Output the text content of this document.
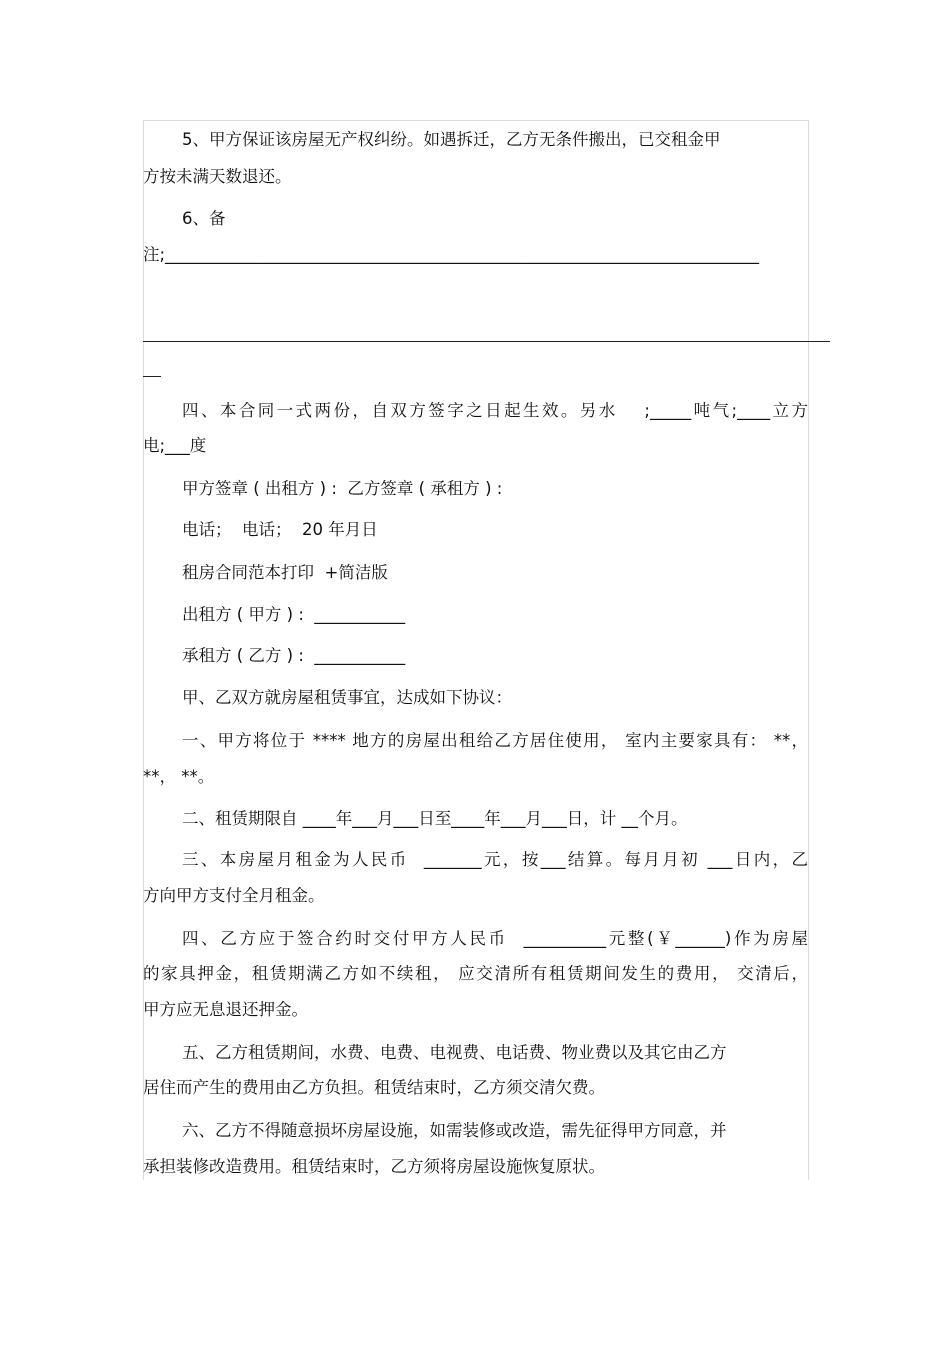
5、甲方保证该房屋无产权纠纷。如遇拆迁，乙方无条件搬出，已交租金甲
方按未满天数退还。
6、备
注;________________________________________________________________________
四、本合同一式两份，自双方签字之日起生效。另水 　;_____吨气;____立方
电;___度
甲方签章 ( 出租方 ) :  乙方签章 ( 承租方 ) :
电话；  电话；  20 年月日
租房合同范本打印  +简洁版
出租方 ( 甲方 ) :  ___________
承租方 ( 乙方 ) :  ___________
甲、乙双方就房屋租赁事宜，达成如下协议：
一、甲方将位于 **** 地方的房屋出租给乙方居住使用， 室内主要家具有： **，
**， **。
二、租赁期限自 ____年___月___日至____年___月___日，计 __个月。
三、本房屋月租金为人民币  _______元，按___结算。每月月初 ___日内，乙
方向甲方支付全月租金。
四、乙方应于签合约时交付甲方人民币  __________元整(￥______)作为房屋
的家具押金，租赁期满乙方如不续租， 应交清所有租赁期间发生的费用， 交清后，
甲方应无息退还押金。
五、乙方租赁期间，水费、电费、电视费、电话费、物业费以及其它由乙方
居住而产生的费用由乙方负担。租赁结束时，乙方须交清欠费。
六、乙方不得随意损坏房屋设施，如需装修或改造，需先征得甲方同意，并
承担装修改造费用。租赁结束时，乙方须将房屋设施恢复原状。
